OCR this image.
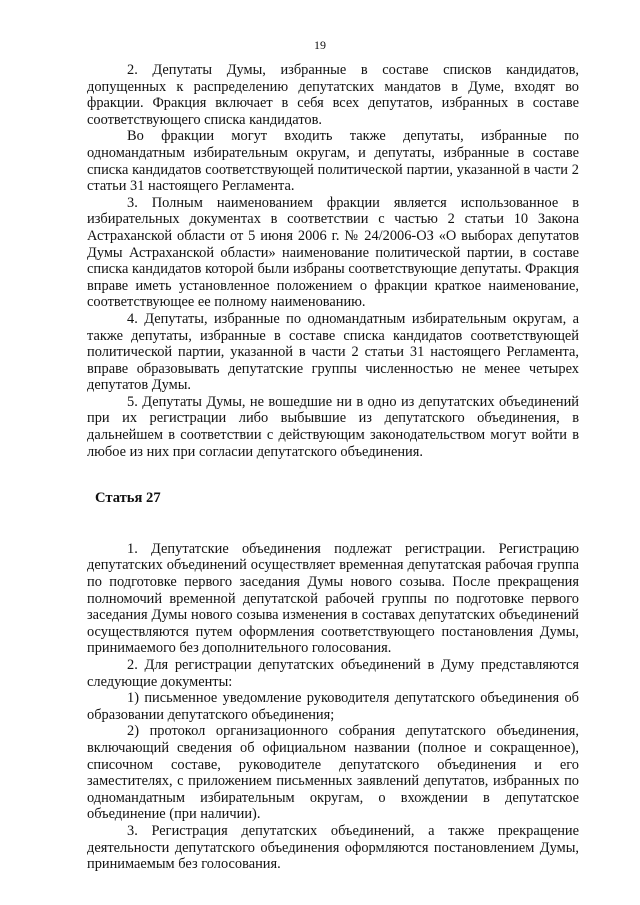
19

2. Депутаты Думы, избранные в составе списков кандидатов, допущенных к распределению депутатских мандатов в Думе, входят во фракции. Фракция включает в себя всех депутатов, избранных в составе соответствующего списка кандидатов.

Во фракции могут входить также депутаты, избранные по одномандатным избирательным округам, и депутаты, избранные в составе списка кандидатов соответствующей политической партии, указанной в части 2 статьи 31 настоящего Регламента.

3. Полным наименованием фракции является использованное в избирательных документах в соответствии с частью 2 статьи 10 Закона Астраханской области от 5 июня 2006 г. № 24/2006-ОЗ «О выборах депутатов Думы Астраханской области» наименование политической партии, в составе списка кандидатов которой были избраны соответствующие депутаты. Фракция вправе иметь установленное положением о фракции краткое наименование, соответствующее ее полному наименованию.

4. Депутаты, избранные по одномандатным избирательным округам, а также депутаты, избранные в составе списка кандидатов соответствующей политической партии, указанной в части 2 статьи 31 настоящего Регламента, вправе образовывать депутатские группы численностью не менее четырех депутатов Думы.

5. Депутаты Думы, не вошедшие ни в одно из депутатских объединений при их регистрации либо выбывшие из депутатского объединения, в дальнейшем в соответствии с действующим законодательством могут войти в любое из них при согласии депутатского объединения.

Статья 27

1. Депутатские объединения подлежат регистрации. Регистрацию депутатских объединений осуществляет временная депутатская рабочая группа по подготовке первого заседания Думы нового созыва. После прекращения полномочий временной депутатской рабочей группы по подготовке первого заседания Думы нового созыва изменения в составах депутатских объединений осуществляются путем оформления соответствующего постановления Думы, принимаемого без дополнительного голосования.

2. Для регистрации депутатских объединений в Думу представляются следующие документы:

1) письменное уведомление руководителя депутатского объединения об образовании депутатского объединения;

2) протокол организационного собрания депутатского объединения, включающий сведения об официальном названии (полное и сокращенное), списочном составе, руководителе депутатского объединения и его заместителях, с приложением письменных заявлений депутатов, избранных по одномандатным избирательным округам, о вхождении в депутатское объединение (при наличии).

3. Регистрация депутатских объединений, а также прекращение деятельности депутатского объединения оформляются постановлением Думы, принимаемым без голосования.
